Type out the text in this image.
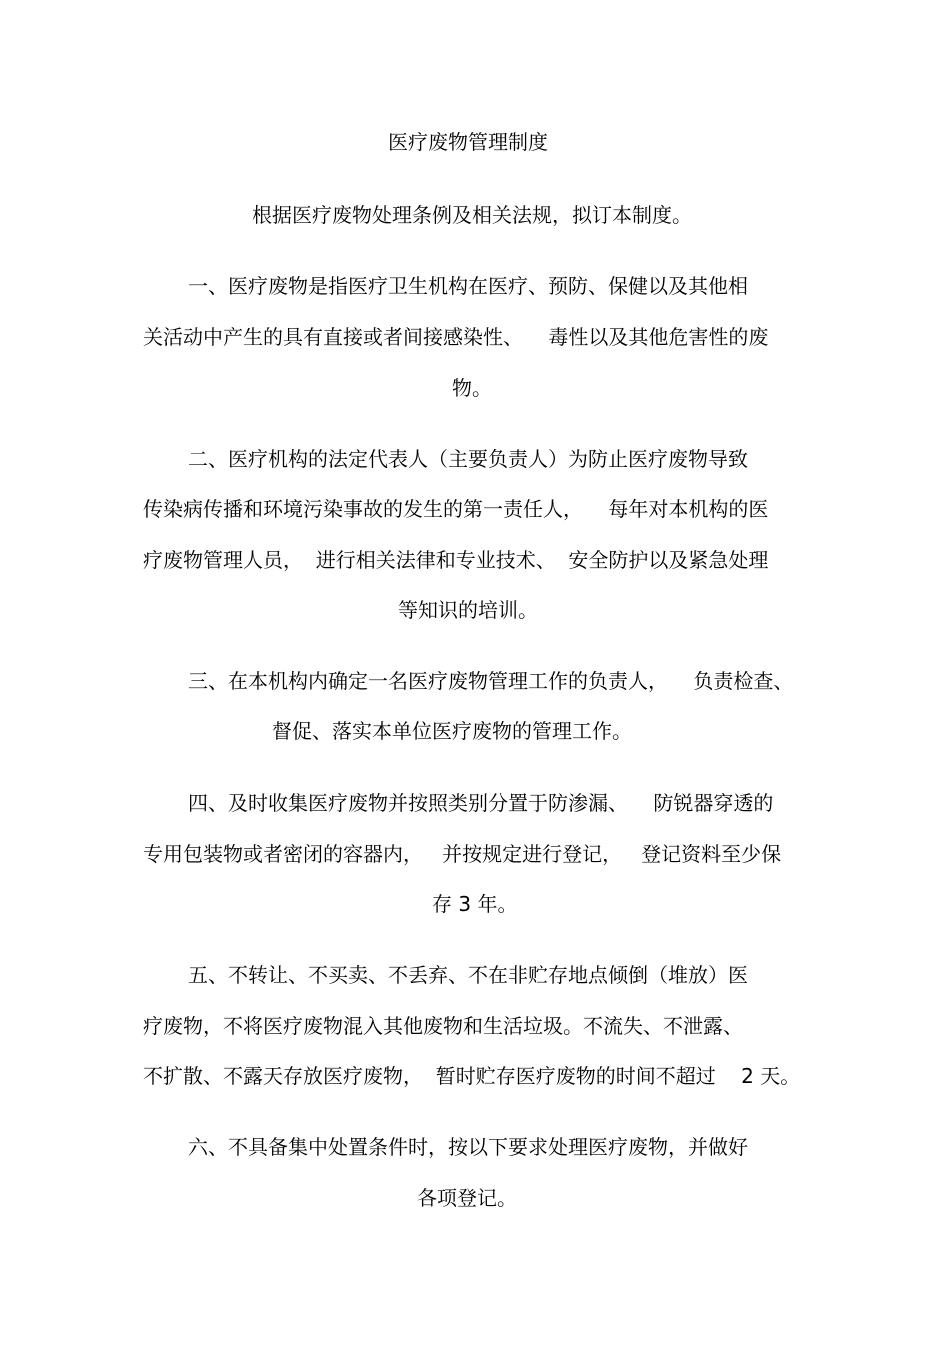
医疗废物管理制度
根据医疗废物处理条例及相关法规，拟订本制度。
一、医疗废物是指医疗卫生机构在医疗、预防、保健以及其他相
关活动中产生的具有直接或者间接感染性、    毒性以及其他危害性的废
物。
二、医疗机构的法定代表人（主要负责人）为防止医疗废物导致
传染病传播和环境污染事故的发生的第一责任人，    每年对本机构的医
疗废物管理人员，  进行相关法律和专业技术、  安全防护以及紧急处理
等知识的培训。
三、在本机构内确定一名医疗废物管理工作的负责人，    负责检查、
督促、落实本单位医疗废物的管理工作。
四、及时收集医疗废物并按照类别分置于防渗漏、    防锐器穿透的
专用包装物或者密闭的容器内，   并按规定进行登记，   登记资料至少保
存 3 年。
五、不转让、不买卖、不丢弃、不在非贮存地点倾倒（堆放）医
疗废物，不将医疗废物混入其他废物和生活垃圾。不流失、不泄露、
不扩散、不露天存放医疗废物，  暂时贮存医疗废物的时间不超过    2 天。
六、不具备集中处置条件时，按以下要求处理医疗废物，并做好
各项登记。
